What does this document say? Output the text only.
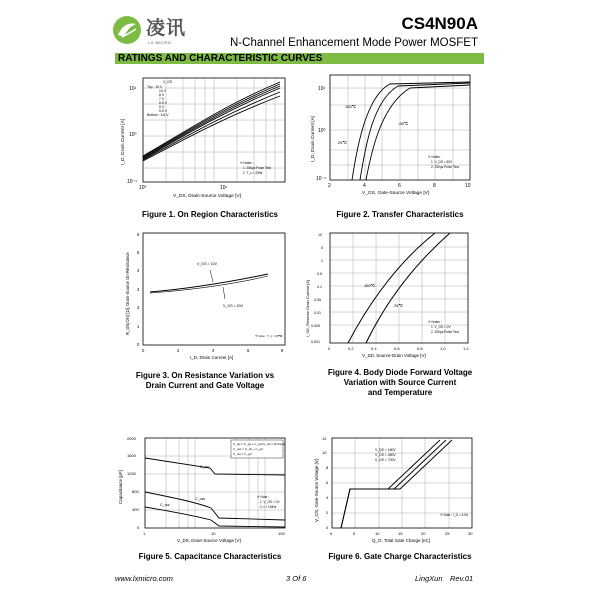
凌讯
LX MICRO
CS4N90A
N-Channel Enhancement Mode Power MOSFET
RATINGS AND CHARACTERISTIC CURVES
10¹
10⁰
10⁻¹
10⁰	10¹
V_DS, Drain-Source Voltage [V]
I_D, Drain Current [A]
V_GS
Top : 15 V
10 V
8 V
7 V
6.5 V
6 V
5.5 V
Bottom : 4.5 V
※ Notes :
1. 250μs Pulse Test
2. T_c = 25℃
Figure 1. On Region Characteristics
10¹
10⁰
10⁻¹
2	4	6	8	10
V_GS, Gate-Source Voltage [V]
I_D, Drain Current [A]
150℃
-55℃
25℃
※ Notes :
1. V_DS = 50V
2. 250μs Pulse Test
Figure 2. Transfer Characteristics
V_GS = 10V
V_GS = 20V
0
1
2
3
4
5
6
0	2	4	6	8
I_D, Drain Current [A]
R_DS(ON) [Ω], Drain-Source On-Resistance
※ Note : T_c = 25℃
Figure 3. On Resistance Variation vs
Drain Current and Gate Voltage
150℃
25℃
10
5
1
0.5
0.1
0.05
0.01
0.005
0.001
0	0.2	0.4	0.6	0.8	1.0	1.2
V_SD, Source-Drain Voltage [V]
I_SD, Reverse Drain Current [A]	※ Notes :
1. V_GS = 0V
2. 250μs Pulse Test
Figure 4. Body Diode Forward Voltage
Variation with Source Current
and Temperature
C_iss
C_oss
C_rss
0
400
800
1200
1600
2000
1	10	100
V_DS, Drain-Source Voltage [V]
Capacitance [pF]
C_iss = C_gs + C_gd (C_ds = shorted)
C_oss = C_ds + C_gd
C_rss = C_gd
※ Note :
1. V_GS = 0V
2. f = 1MHz
Figure 5. Capacitance Characteristics
V_DS = 180V
V_DS = 450V
V_DS = 720V
0
2
4
6
8
10
12
0	5	10	15	20	25	30
Q_G, Total Gate Charge [nC]
V_GS, Gate-Source Voltage [V]	※ Note : I_D = 4.0A
Figure 6. Gate Charge Characteristics
www.lxmicro.com	3 Of 6	LingXun Rev.01
